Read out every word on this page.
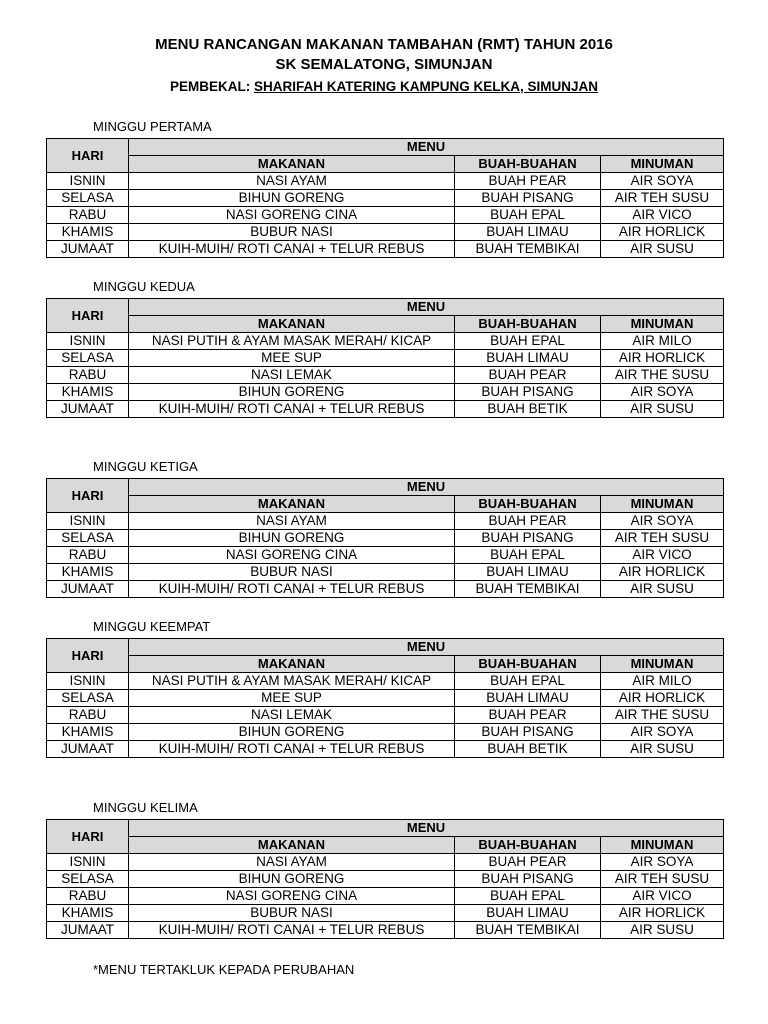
MENU RANCANGAN MAKANAN TAMBAHAN (RMT) TAHUN 2016
SK SEMALATONG, SIMUNJAN
PEMBEKAL: SHARIFAH KATERING KAMPUNG KELKA, SIMUNJAN
MINGGU PERTAMA
HARI	MENU		
	MAKANAN	BUAH-BUAHAN	MINUMAN
ISNIN	NASI AYAM	BUAH PEAR	AIR SOYA
SELASA	BIHUN GORENG	BUAH PISANG	AIR TEH SUSU
RABU	NASI GORENG CINA	BUAH EPAL	AIR VICO
KHAMIS	BUBUR NASI	BUAH LIMAU	AIR HORLICK
JUMAAT	KUIH-MUIH/ ROTI CANAI + TELUR REBUS	BUAH TEMBIKAI	AIR SUSU
MINGGU KEDUA
HARI	MENU		
	MAKANAN	BUAH-BUAHAN	MINUMAN
ISNIN	NASI PUTIH & AYAM MASAK MERAH/ KICAP	BUAH EPAL	AIR MILO
SELASA	MEE SUP	BUAH LIMAU	AIR HORLICK
RABU	NASI LEMAK	BUAH PEAR	AIR THE SUSU
KHAMIS	BIHUN GORENG	BUAH PISANG	AIR SOYA
JUMAAT	KUIH-MUIH/ ROTI CANAI + TELUR REBUS	BUAH BETIK	AIR SUSU
MINGGU KETIGA
HARI	MENU		
	MAKANAN	BUAH-BUAHAN	MINUMAN
ISNIN	NASI AYAM	BUAH PEAR	AIR SOYA
SELASA	BIHUN GORENG	BUAH PISANG	AIR TEH SUSU
RABU	NASI GORENG CINA	BUAH EPAL	AIR VICO
KHAMIS	BUBUR NASI	BUAH LIMAU	AIR HORLICK
JUMAAT	KUIH-MUIH/ ROTI CANAI + TELUR REBUS	BUAH TEMBIKAI	AIR SUSU
MINGGU KEEMPAT
HARI	MENU		
	MAKANAN	BUAH-BUAHAN	MINUMAN
ISNIN	NASI PUTIH & AYAM MASAK MERAH/ KICAP	BUAH EPAL	AIR MILO
SELASA	MEE SUP	BUAH LIMAU	AIR HORLICK
RABU	NASI LEMAK	BUAH PEAR	AIR THE SUSU
KHAMIS	BIHUN GORENG	BUAH PISANG	AIR SOYA
JUMAAT	KUIH-MUIH/ ROTI CANAI + TELUR REBUS	BUAH BETIK	AIR SUSU
MINGGU KELIMA
HARI	MENU		
	MAKANAN	BUAH-BUAHAN	MINUMAN
ISNIN	NASI AYAM	BUAH PEAR	AIR SOYA
SELASA	BIHUN GORENG	BUAH PISANG	AIR TEH SUSU
RABU	NASI GORENG CINA	BUAH EPAL	AIR VICO
KHAMIS	BUBUR NASI	BUAH LIMAU	AIR HORLICK
JUMAAT	KUIH-MUIH/ ROTI CANAI + TELUR REBUS	BUAH TEMBIKAI	AIR SUSU
*MENU TERTAKLUK KEPADA PERUBAHAN
